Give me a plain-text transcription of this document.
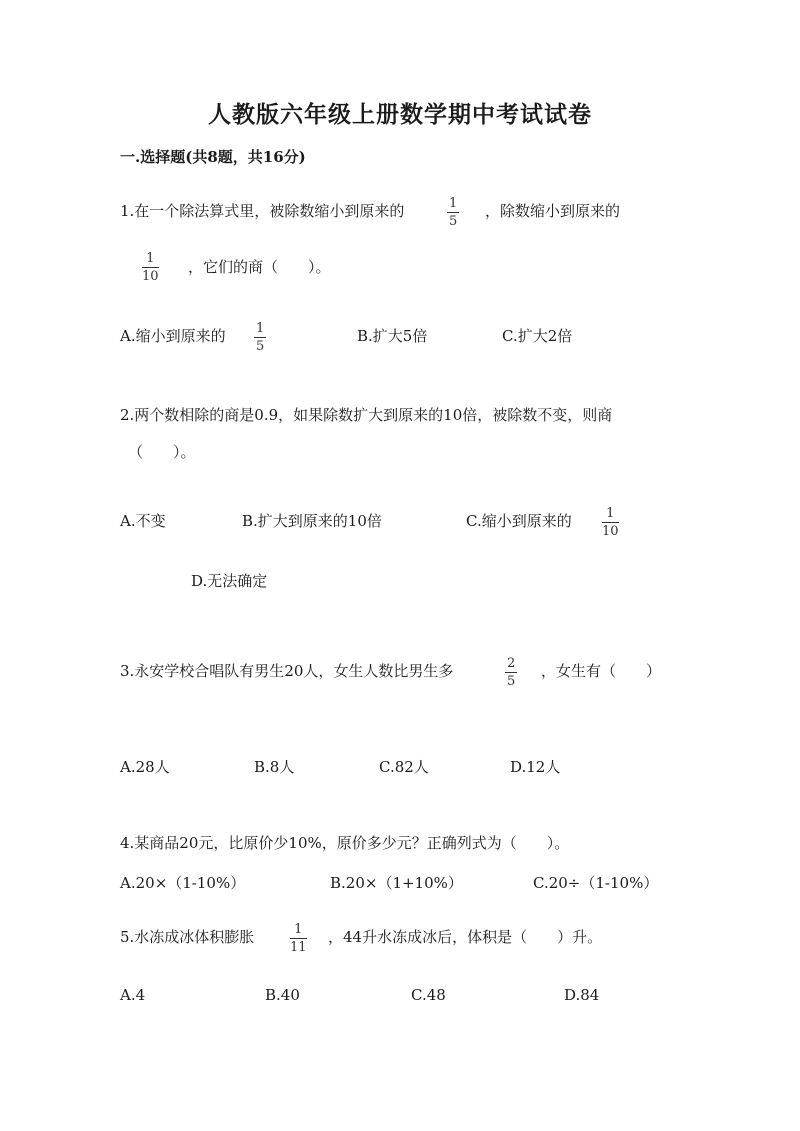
人教版六年级上册数学期中考试试卷
一.选择题(共8题，共16分)
1.在一个除法算式里，被除数缩小到原来的	1
5
，除数缩小到原来的
1
10
，它们的商（　　）。
A.缩小到原来的 1
5
B.扩大5倍	C.扩大2倍
2.两个数相除的商是0.9，如果除数扩大到原来的10倍，被除数不变，则商
（　　）。
A.不变	B.扩大到原来的10倍	C.缩小到原来的	1
10
D.无法确定
3.永安学校合唱队有男生20人，女生人数比男生多	2
5
，女生有（　　）
A.28人	B.8人	C.82人	D.12人
4.某商品20元，比原价少10%，原价多少元？正确列式为（　　）。
A.20×（1-10%）	B.20×（1+10%）	C.20÷（1-10%）
5.水冻成冰体积膨胀	1
11
，44升水冻成冰后，体积是（　　）升。
A.4	B.40	C.48	D.84
